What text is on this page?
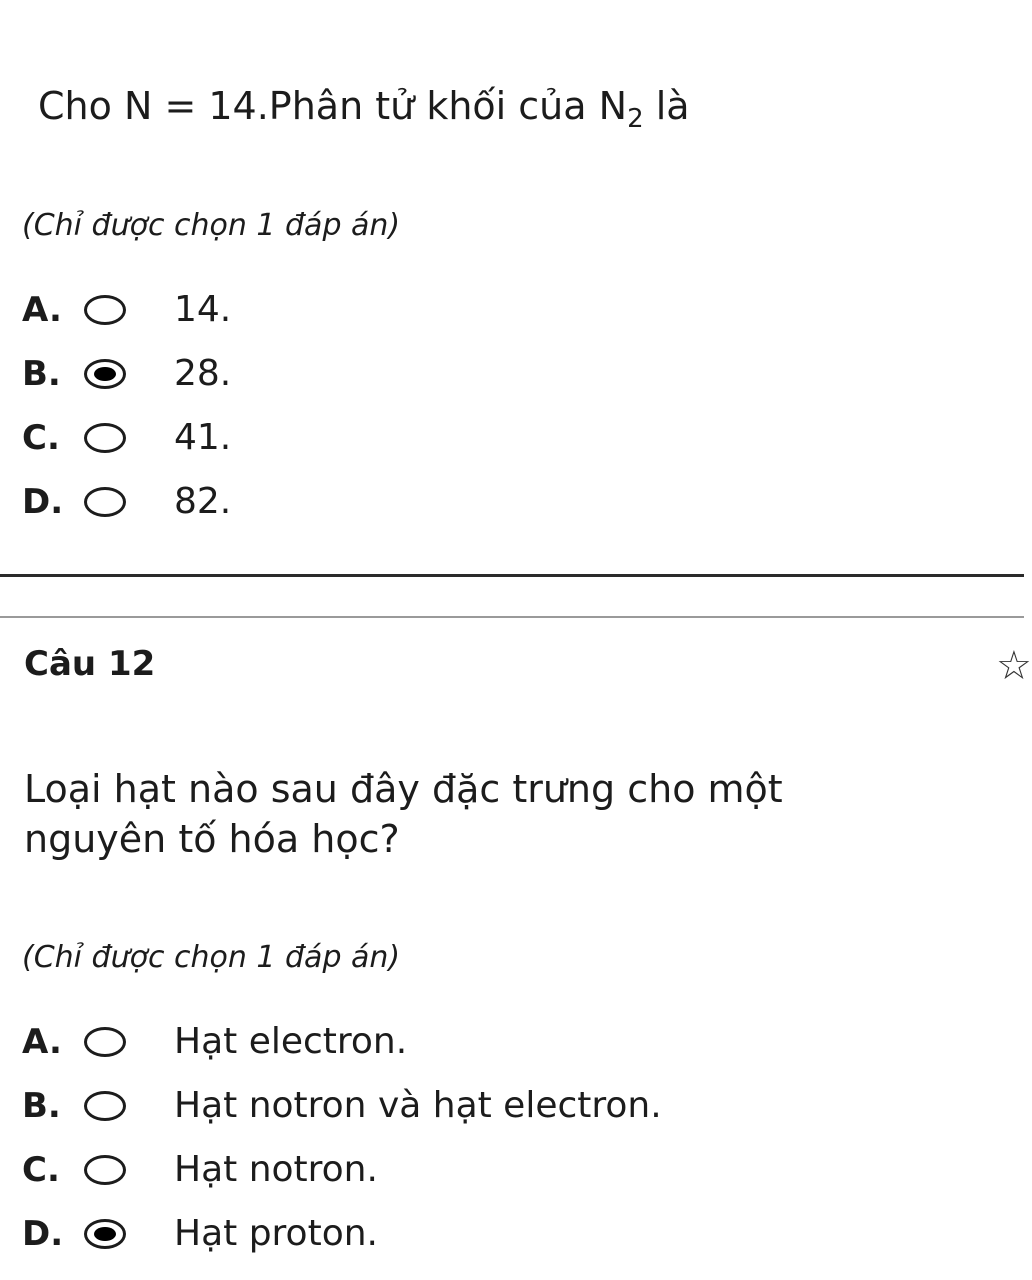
Cho N = 14.Phân tử khối của $N_2$ là
(Chỉ được chọn 1 đáp án)
A.	14.
B.	28.
C.	41.
D.	82.
Câu 12	☆
Loại hạt nào sau đây đặc trưng cho một
nguyên tố hóa học?
(Chỉ được chọn 1 đáp án)
A.	Hạt electron.
B.	Hạt notron và hạt electron.
C.	Hạt notron.
D.	Hạt proton.
